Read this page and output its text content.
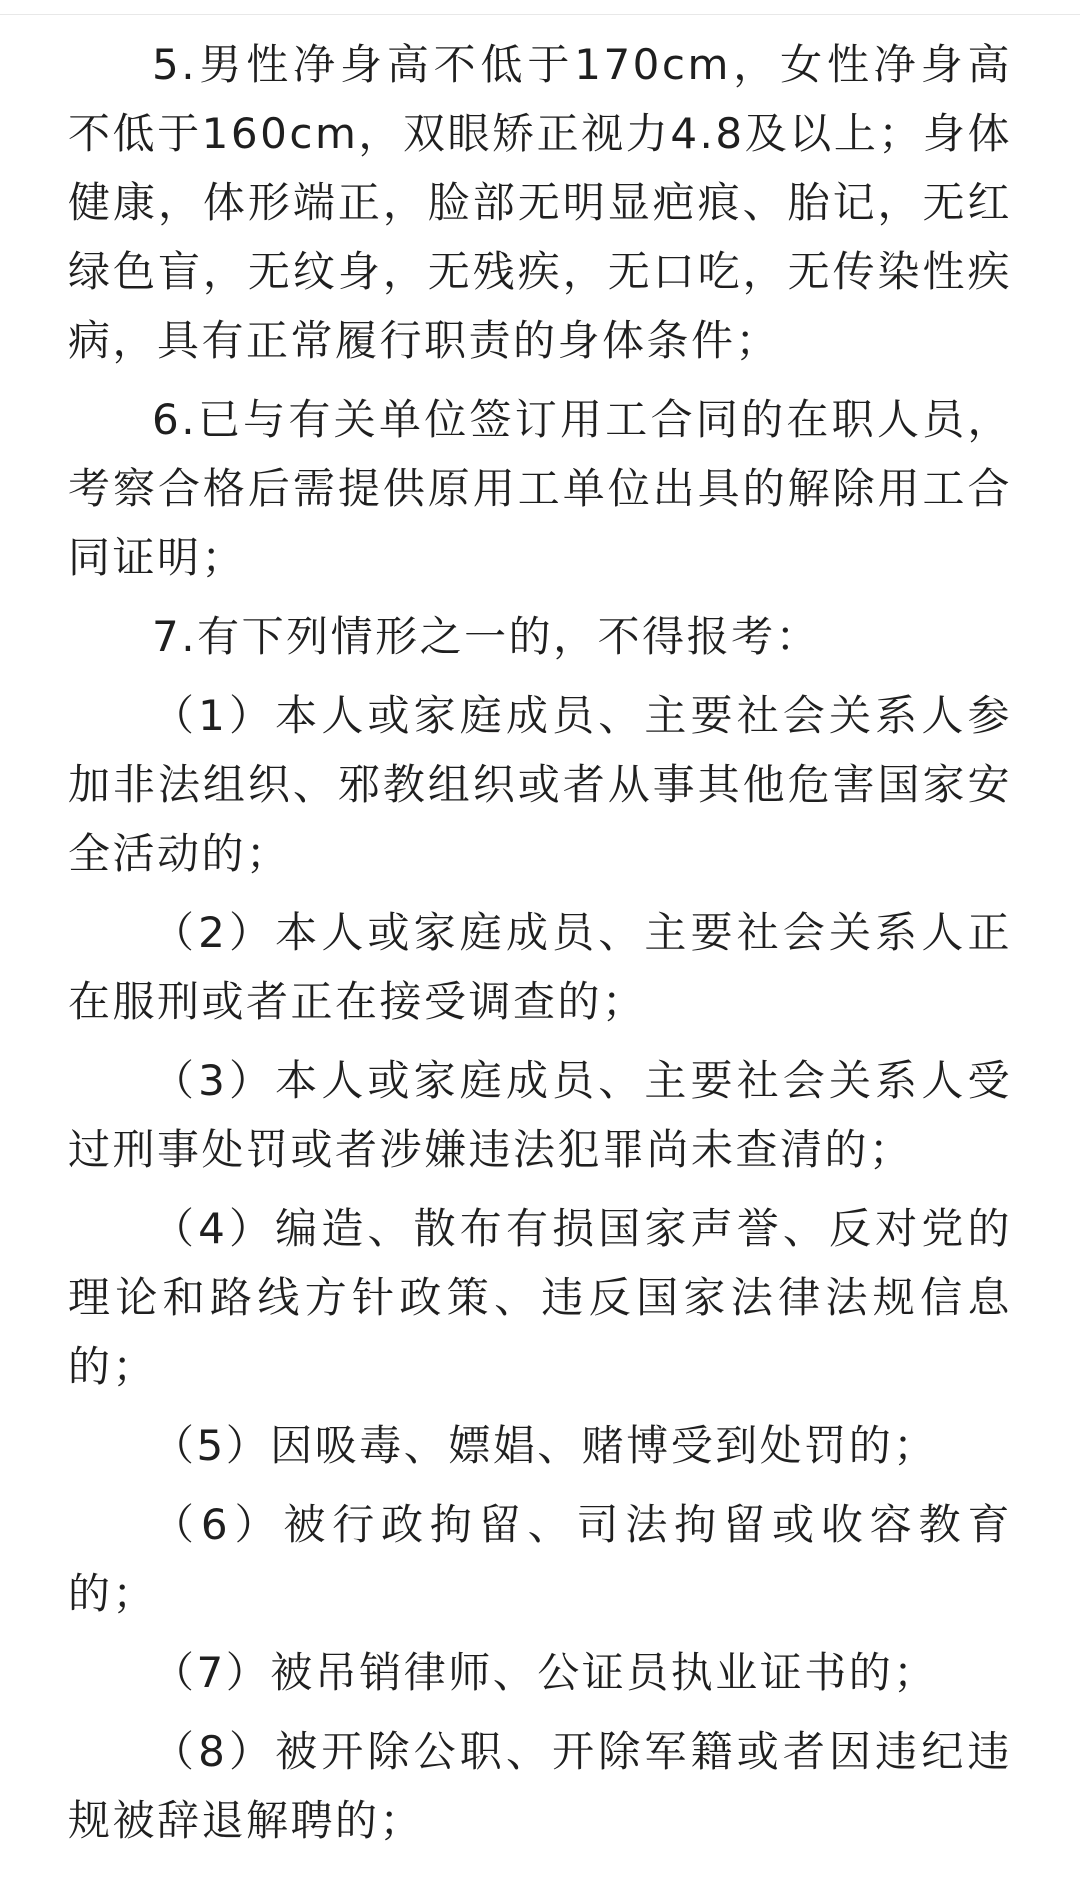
5.男性净身高不低于170cm，女性净身高不低于160cm，双眼矫正视力4.8及以上；身体健康，体形端正，脸部无明显疤痕、胎记，无红绿色盲，无纹身，无残疾，无口吃，无传染性疾病，具有正常履行职责的身体条件；

6.已与有关单位签订用工合同的在职人员，考察合格后需提供原用工单位出具的解除用工合同证明；

7.有下列情形之一的，不得报考：

（1）本人或家庭成员、主要社会关系人参加非法组织、邪教组织或者从事其他危害国家安全活动的；

（2）本人或家庭成员、主要社会关系人正在服刑或者正在接受调查的；

（3）本人或家庭成员、主要社会关系人受过刑事处罚或者涉嫌违法犯罪尚未查清的；

（4）编造、散布有损国家声誉、反对党的理论和路线方针政策、违反国家法律法规信息的；

（5）因吸毒、嫖娼、赌博受到处罚的；

（6）被行政拘留、司法拘留或收容教育的；

（7）被吊销律师、公证员执业证书的；

（8）被开除公职、开除军籍或者因违纪违规被辞退解聘的；
